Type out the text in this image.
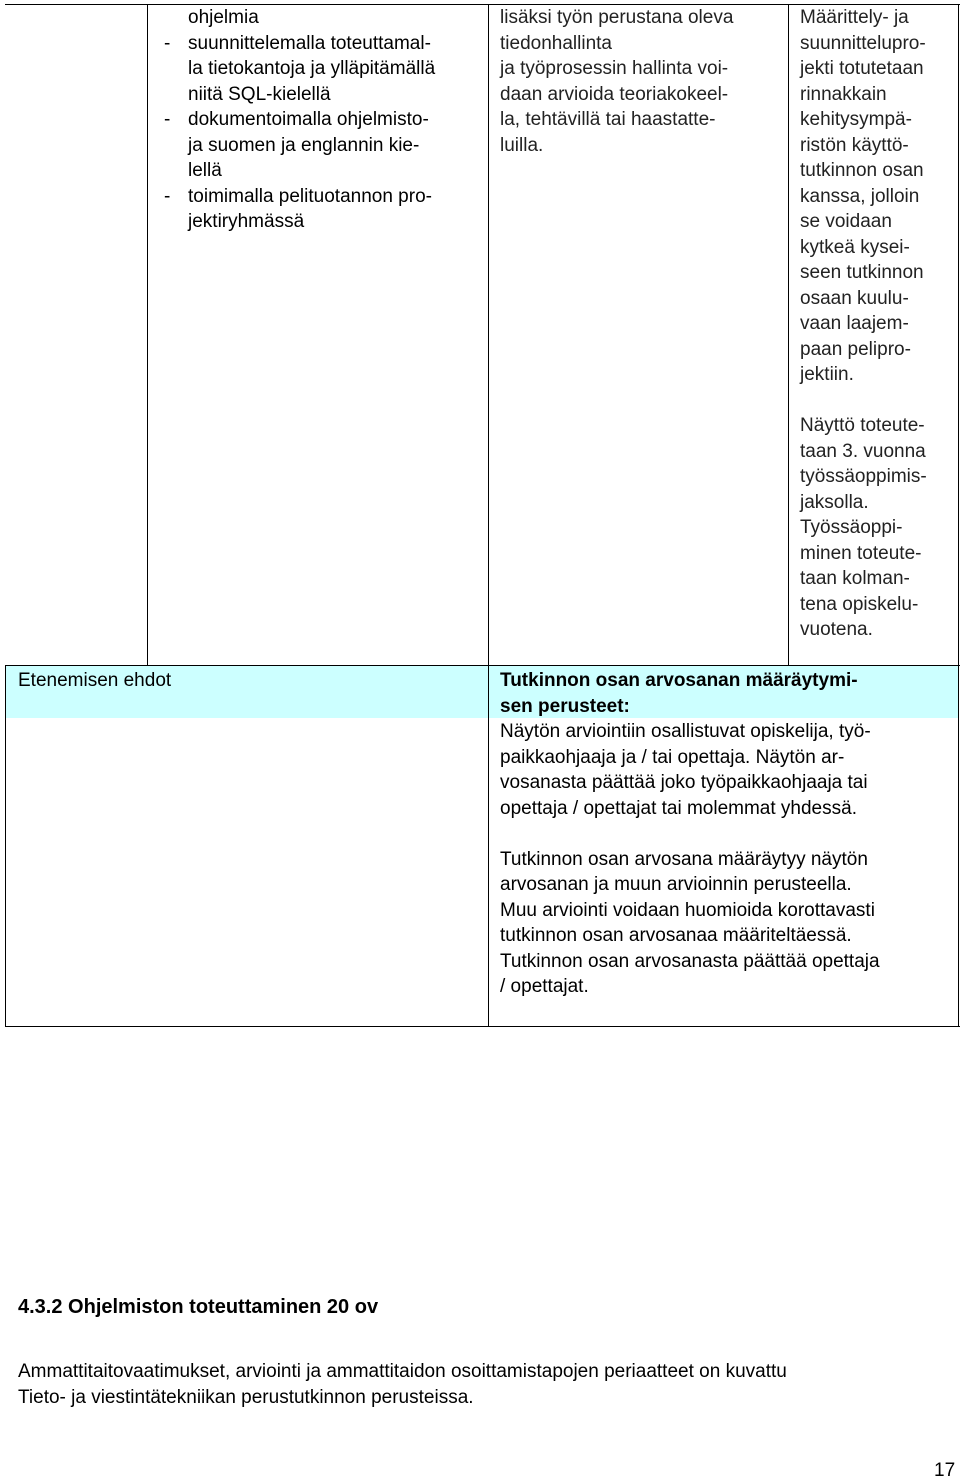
ohjelmia
- suunnittelemalla toteuttamal-
la tietokantoja ja ylläpitämällä
niitä SQL-kielellä
- dokumentoimalla ohjelmisto-
ja suomen ja englannin kie-
lellä
- toimimalla pelituotannon pro-
jektiryhmässä
lisäksi työn perustana oleva
tiedonhallinta
ja työprosessin hallinta voi-
daan arvioida teoriakokeel-
la, tehtävillä tai haastatte-
luilla.
Määrittely- ja
suunnittelupro-
jekti totutetaan
rinnakkain
kehitysympä-
ristön käyttö-
tutkinnon osan
kanssa, jolloin
se voidaan
kytkeä kysei-
seen tutkinnon
osaan kuulu-
vaan laajem-
paan pelipro-
jektiin.
Näyttö toteute-
taan 3. vuonna
työssäoppimis-
jaksolla.
Työssäoppi-
minen toteute-
taan kolman-
tena opiskelu-
vuotena.
Etenemisen ehdot	Tutkinnon osan arvosanan määräytymi-
sen perusteet:
Näytön arviointiin osallistuvat opiskelija, työ-
paikkaohjaaja ja / tai opettaja. Näytön ar-
vosanasta päättää joko työpaikkaohjaaja tai
opettaja / opettajat tai molemmat yhdessä.
Tutkinnon osan arvosana määräytyy näytön
arvosanan ja muun arvioinnin perusteella.
Muu arviointi voidaan huomioida korottavasti
tutkinnon osan arvosanaa määriteltäessä.
Tutkinnon osan arvosanasta päättää opettaja
/ opettajat.
4.3.2 Ohjelmiston toteuttaminen 20 ov
Ammattitaitovaatimukset, arviointi ja ammattitaidon osoittamistapojen periaatteet on kuvattu
Tieto- ja viestintätekniikan perustutkinnon perusteissa.
17
